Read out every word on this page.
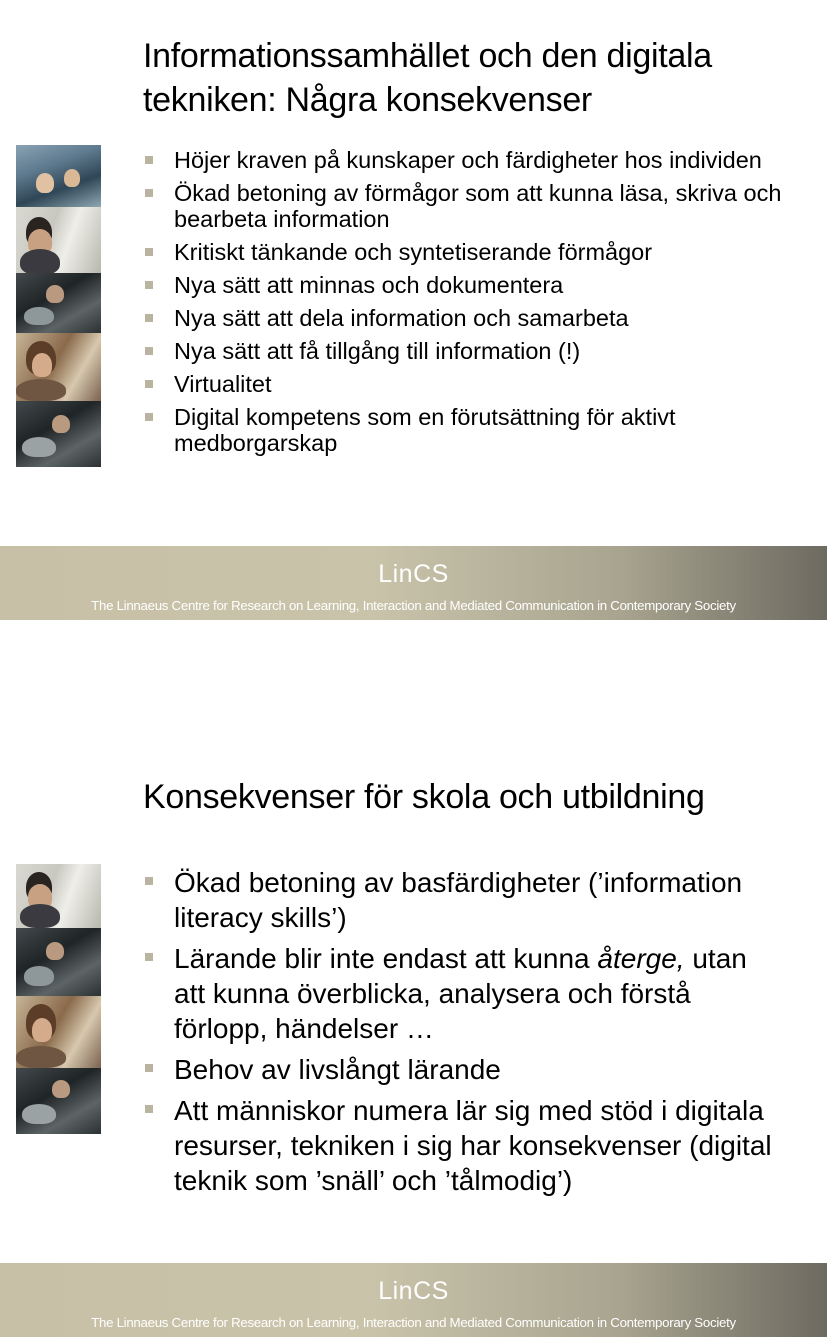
Informationssamhället och den digitala tekniken: Några konsekvenser
Höjer kraven på kunskaper och färdigheter hos individen
Ökad betoning av förmågor som att kunna läsa, skriva och bearbeta information
Kritiskt tänkande och syntetiserande förmågor
Nya sätt att minnas och dokumentera
Nya sätt att dela information och samarbeta
Nya sätt att få tillgång till information (!)
Virtualitet
Digital kompetens som en förutsättning för aktivt medborgarskap
LinCS
The Linnaeus Centre for Research on Learning, Interaction and Mediated Communication in Contemporary Society
Konsekvenser för skola och utbildning
Ökad betoning av basfärdigheter (’information literacy skills’)
Lärande blir inte endast att kunna återge, utan att kunna överblicka, analysera och förstå förlopp, händelser …
Behov av livslångt lärande
Att människor numera lär sig med stöd i digitala resurser, tekniken i sig har konsekvenser (digital teknik som ’snäll’ och ’tålmodig’)
LinCS
The Linnaeus Centre for Research on Learning, Interaction and Mediated Communication in Contemporary Society
